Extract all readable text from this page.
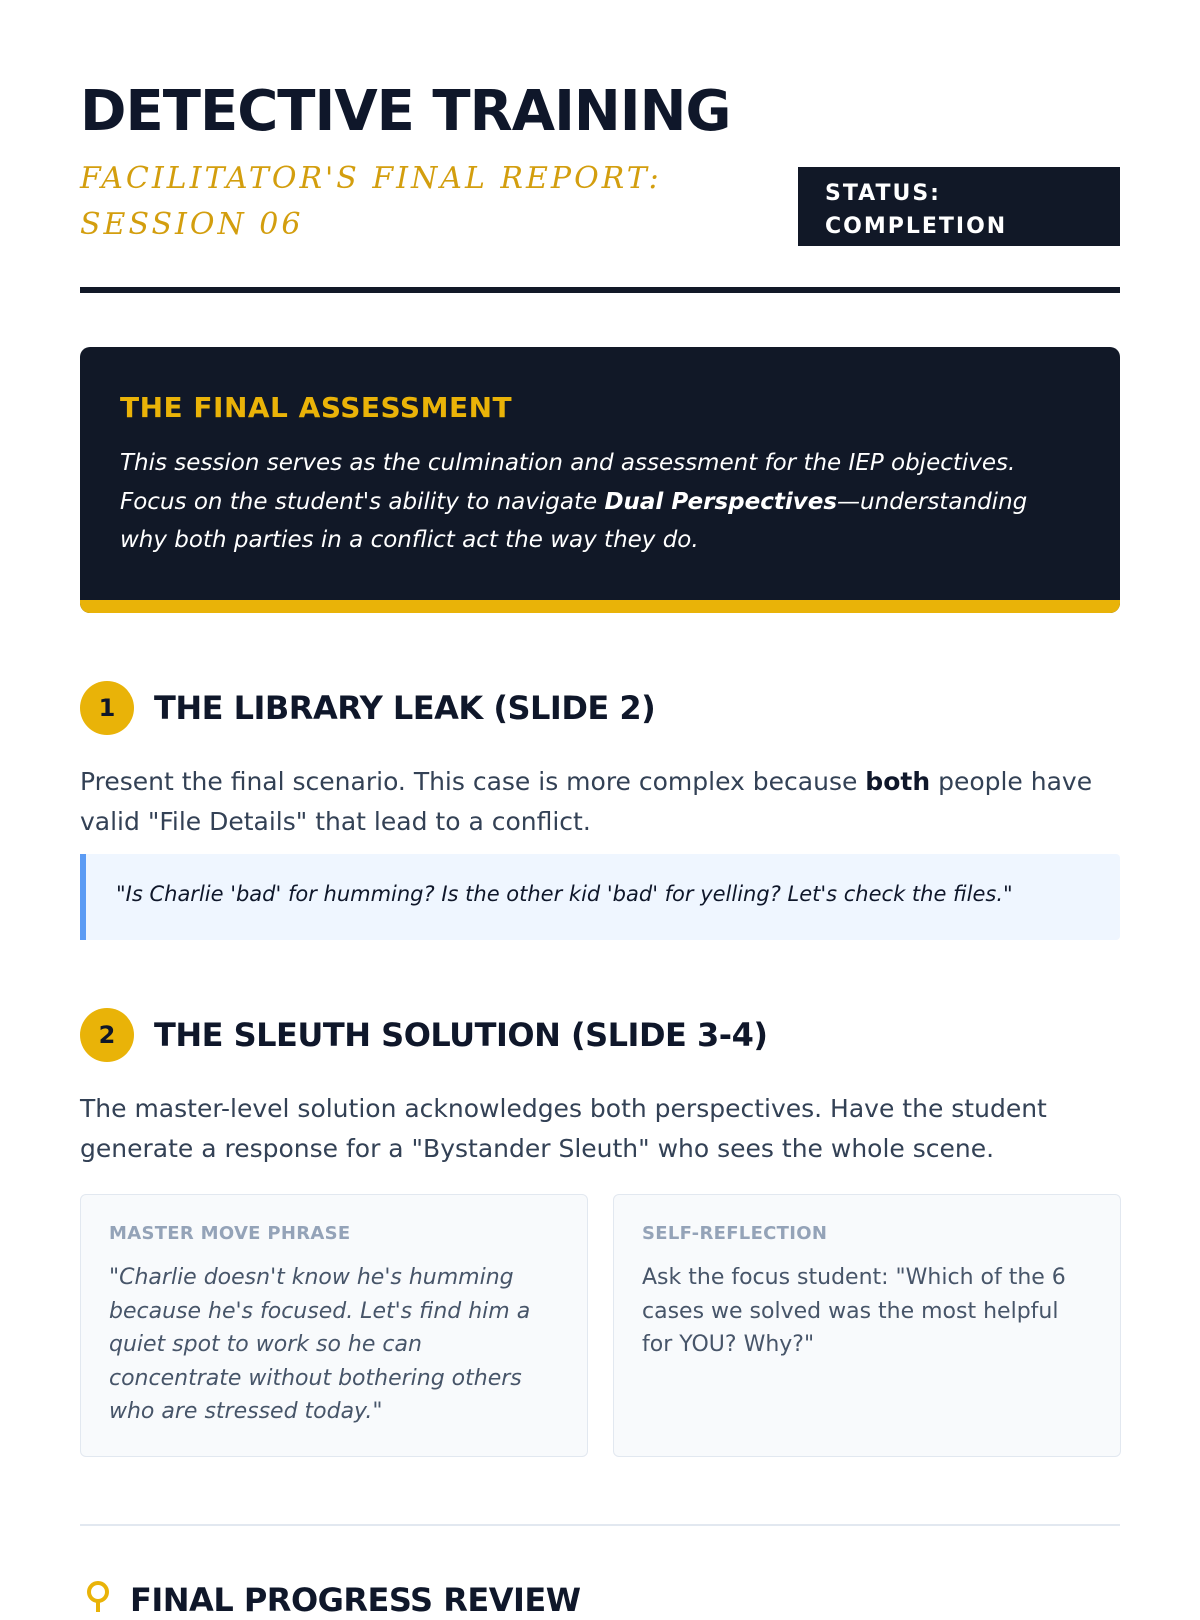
DETECTIVE TRAINING

FACILITATOR'S FINAL REPORT: SESSION 06

STATUS:
COMPLETION
THE FINAL ASSESSMENT

This session serves as the culmination and assessment for the IEP objectives. Focus on the student's ability to navigate Dual Perspectives—understanding why both parties in a conflict act the way they do.

1	THE LIBRARY LEAK (SLIDE 2)

Present the final scenario. This case is more complex because both people have valid "File Details" that lead to a conflict.

"Is Charlie 'bad' for humming? Is the other kid 'bad' for yelling? Let's check the files."

2	THE SLEUTH SOLUTION (SLIDE 3-4)

The master-level solution acknowledges both perspectives. Have the student generate a response for a "Bystander Sleuth" who sees the whole scene.

MASTER MOVE PHRASE

"Charlie doesn't know he's humming because he's focused. Let's find him a quiet spot to work so he can concentrate without bothering others who are stressed today."

SELF-REFLECTION

Ask the focus student: "Which of the 6 cases we solved was the most helpful for YOU? Why?"

FINAL PROGRESS REVIEW
